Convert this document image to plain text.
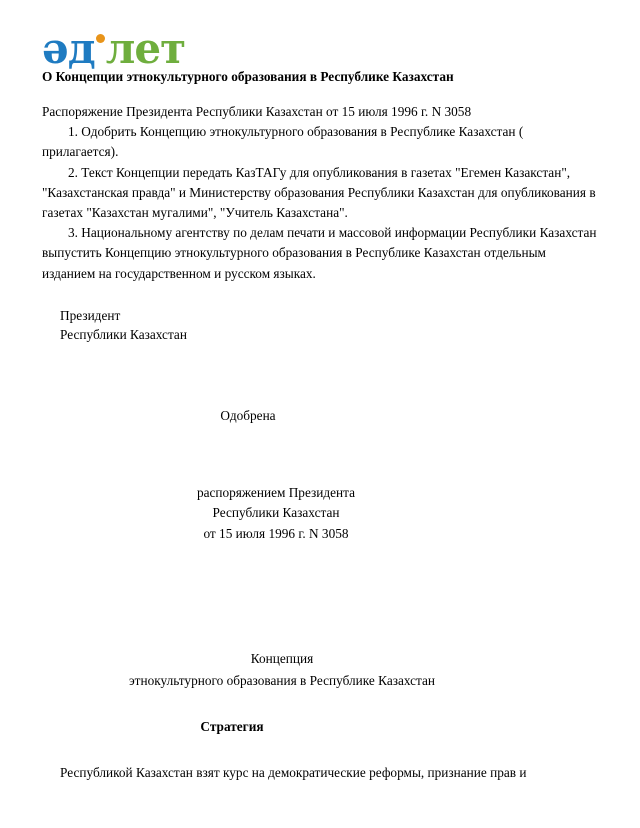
әд лет
О Концепции этнокультурного образования в Республике Казахстан
Распоряжение Президента Республики Казахстан от 15 июля 1996 г. N 3058
1. Одобрить Концепцию этнокультурного образования в Республике Казахстан ( прилагается).
2. Текст Концепции передать КазТАГу для опубликования в газетах "Егемен Казакстан", "Казахстанская правда" и Министерству образования Республики Казахстан для опубликования в газетах "Казахстан мугалими", "Учитель Казахстана".
3. Национальному агентству по делам печати и массовой информации Республики Казахстан выпустить Концепцию этнокультурного образования в Республике Казахстан отдельным изданием на государственном и русском языках.
Президент
Республики Казахстан
Одобрена
распоряжением Президента
Республики Казахстан
от 15 июля 1996 г. N 3058
Концепция
этнокультурного образования в Республике Казахстан
Стратегия
Республикой Казахстан взят курс на демократические реформы, признание прав и
